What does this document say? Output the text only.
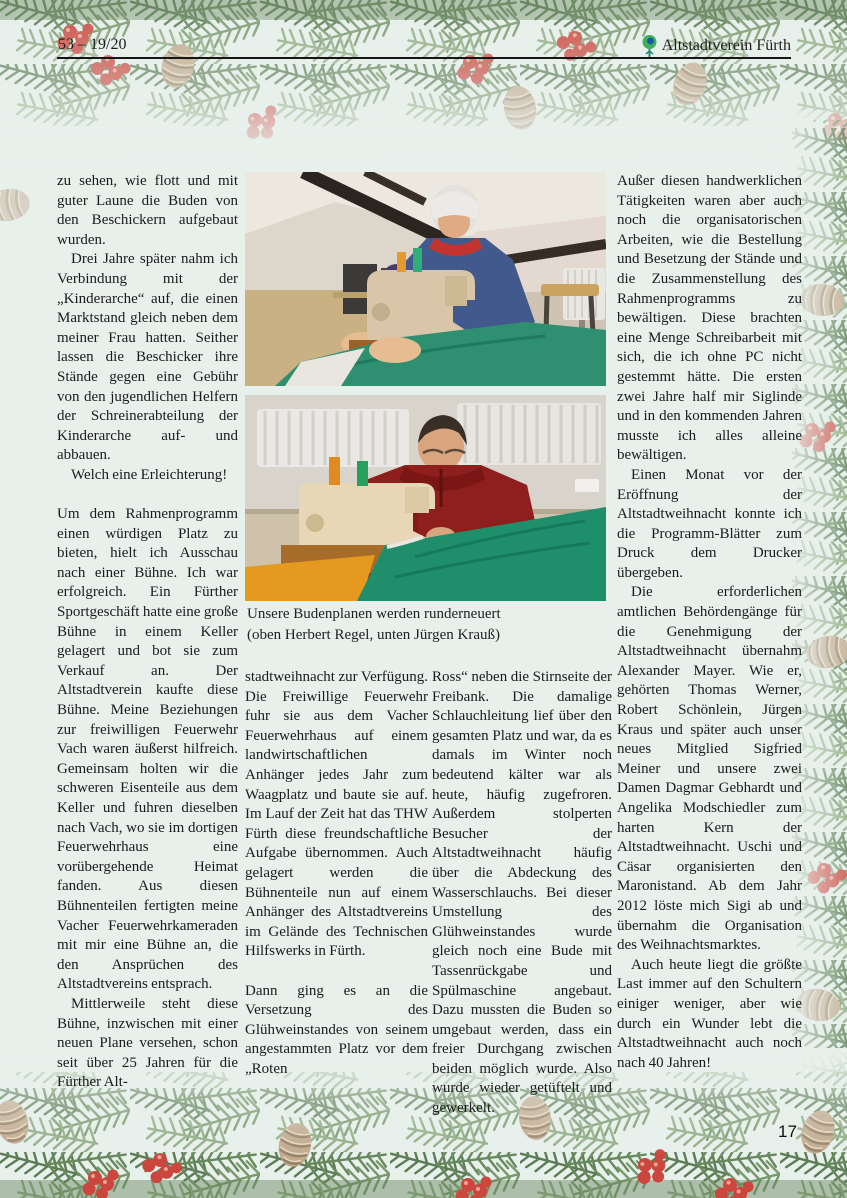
53 – 19/20	Altstadtverein Fürth
Unsere Budenplanen werden runderneuert
(oben Herbert Regel, unten Jürgen Krauß)

zu sehen, wie flott und mit guter Laune die Buden von den Beschickern aufgebaut wurden.

Drei Jahre später nahm ich Verbindung mit der „Kinderarche“ auf, die einen Marktstand gleich neben dem meiner Frau hatten. Seither lassen die Beschicker ihre Stände gegen eine Gebühr von den jugendlichen Helfern der Schreinerabteilung der Kinderarche auf- und abbauen.

Welch eine Erleichterung!

Um dem Rahmenprogramm einen würdigen Platz zu bieten, hielt ich Ausschau nach einer Bühne. Ich war erfolgreich. Ein Fürther Sportgeschäft hatte eine große Bühne in einem Keller gelagert und bot sie zum Verkauf an. Der Altstadtverein kaufte diese Bühne. Meine Beziehungen zur freiwilligen Feuerwehr Vach waren äußerst hilfreich. Gemeinsam holten wir die schweren Eisenteile aus dem Keller und fuhren dieselben nach Vach, wo sie im dortigen Feuerwehrhaus eine vorübergehende Heimat fanden. Aus diesen Bühnenteilen fertigten meine Vacher Feuerwehrkameraden mit mir eine Bühne an, die den Ansprüchen des Altstadtvereins entsprach.

Mittlerweile steht diese Bühne, inzwischen mit einer neuen Plane versehen, schon seit über 25 Jahren für die Fürther Alt-

stadtweihnacht zur Verfügung. Die Freiwillige Feuerwehr fuhr sie aus dem Vacher Feuerwehrhaus auf einem landwirtschaftlichen Anhänger jedes Jahr zum Waagplatz und baute sie auf. Im Lauf der Zeit hat das THW Fürth diese freundschaftliche Aufgabe übernommen. Auch gelagert werden die Bühnenteile nun auf einem Anhänger des Altstadtvereins im Gelände des Technischen Hilfswerks in Fürth.

Dann ging es an die Versetzung des Glühweinstandes von seinem angestammten Platz vor dem „Roten

Ross“ neben die Stirnseite der Freibank. Die damalige Schlauchleitung lief über den gesamten Platz und war, da es damals im Winter noch bedeutend kälter war als heute, häufig zugefroren. Außerdem stolperten Besucher der Altstadtweihnacht häufig über die Abdeckung des Wasserschlauchs. Bei dieser Umstellung des Glühweinstandes wurde gleich noch eine Bude mit Tassenrückgabe und Spülmaschine angebaut. Dazu mussten die Buden so umgebaut werden, dass ein freier Durchgang zwischen beiden möglich wurde. Also wurde wieder getüftelt und gewerkelt.

Außer diesen handwerklichen Tätigkeiten waren aber auch noch die organisatorischen Arbeiten, wie die Bestellung und Besetzung der Stände und die Zusammenstellung des Rahmenprogramms zu bewältigen. Diese brachten eine Menge Schreibarbeit mit sich, die ich ohne PC nicht gestemmt hätte. Die ersten zwei Jahre half mir Siglinde und in den kommenden Jahren musste ich alles alleine bewältigen.

Einen Monat vor der Eröffnung der Altstadtweihnacht konnte ich die Programm-Blätter zum Druck dem Drucker übergeben.

Die erforderlichen amtlichen Behördengänge für die Genehmigung der Altstadtweihnacht übernahm Alexander Mayer. Wie er, gehörten Thomas Werner, Robert Schönlein, Jürgen Kraus und später auch unser neues Mitglied Sigfried Meiner und unsere zwei Damen Dagmar Gebhardt und Angelika Modschiedler zum harten Kern der Altstadtweihnacht. Uschi und Cäsar organisierten den Maronistand. Ab dem Jahr 2012 löste mich Sigi ab und übernahm die Organisation des Weihnachtsmarktes.

Auch heute liegt die größte Last immer auf den Schultern einiger weniger, aber wie durch ein Wunder lebt die Altstadtweihnacht auch noch nach 40 Jahren!

17
